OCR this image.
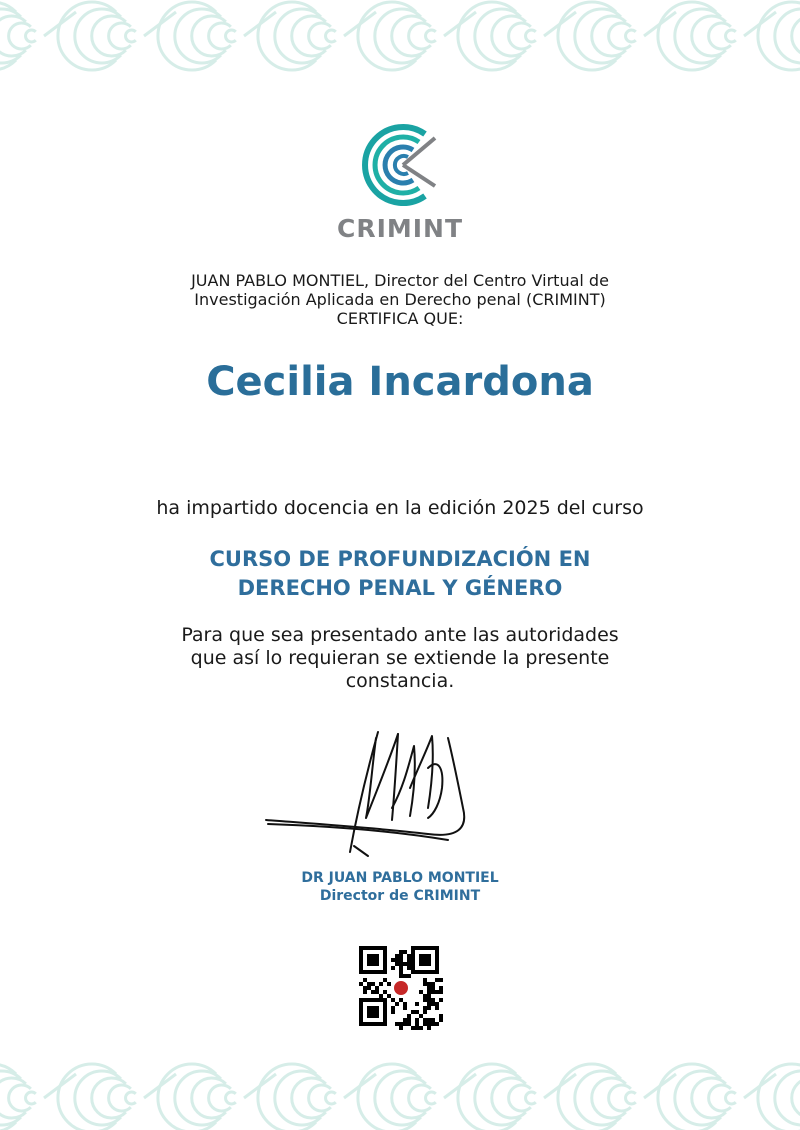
CRIMINT
JUAN PABLO MONTIEL, Director del Centro Virtual de
Investigación Aplicada en Derecho penal (CRIMINT)
CERTIFICA QUE:
Cecilia Incardona
ha impartido docencia en la edición 2025 del curso
CURSO DE PROFUNDIZACIÓN EN
DERECHO PENAL Y GÉNERO
Para que sea presentado ante las autoridades
que así lo requieran se extiende la presente
constancia.
DR JUAN PABLO MONTIEL
Director de CRIMINT
